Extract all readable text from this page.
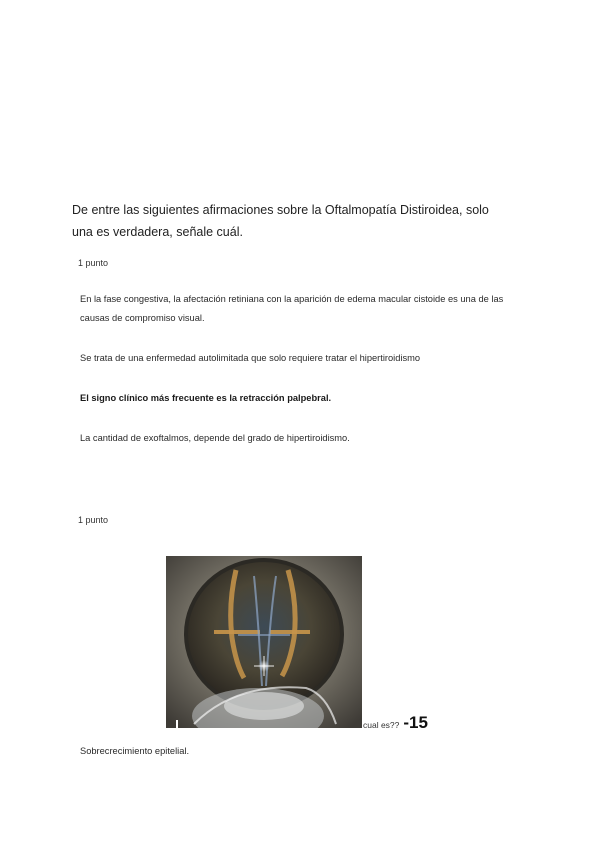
De entre las siguientes afirmaciones sobre la Oftalmopatía Distiroidea, solo una es verdadera, señale cuál.
1 punto
En la fase congestiva, la afectación retiniana con la aparición de edema macular cistoide es una de las causas de compromiso visual.
Se trata de una enfermedad autolimitada que solo requiere tratar el hipertiroidismo
El signo clínico más frecuente es la retracción palpebral.
La cantidad de exoftalmos, depende del grado de hipertiroidismo.
1 punto
cual es?? -15
Sobrecrecimiento epitelial.
